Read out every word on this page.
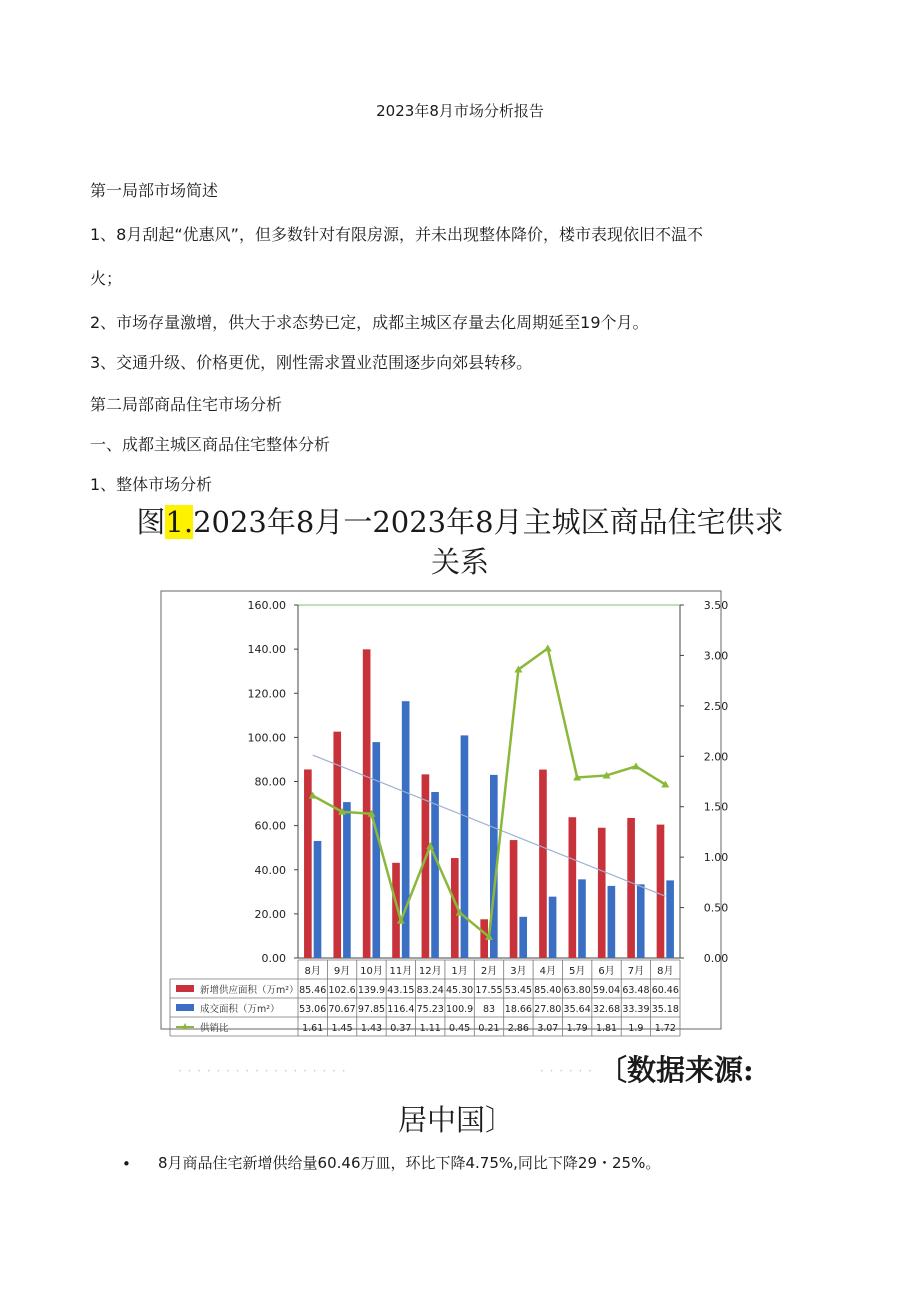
2023年8月市场分析报告
第一局部市场简述
1、8月刮起“优惠风”，但多数针对有限房源，并未出现整体降价，楼市表现依旧不温不
火；
2、市场存量激增，供大于求态势已定，成都主城区存量去化周期延至19个月。
3、交通升级、价格更优，刚性需求置业范围逐步向郊县转移。
第二局部商品住宅市场分析
一、成都主城区商品住宅整体分析
1、整体市场分析
图1.2023年8月一2023年8月主城区商品住宅供求
关系
0.00
20.00
40.00
60.00
80.00
100.00
120.00
140.00
160.00
0.00
0.50
1.00
1.50
2.00
2.50
3.00
3.50
8月 9月 10月 11月 12月 1月 2月 3月 4月 5月 6月 7月 8月
新增供应面积（万m²） 85.46 102.6 139.9 43.15 83.24 45.30 17.55 53.45 85.40 63.80 59.04 63.48 60.46
成交面积（万m²） 53.06 70.67 97.85 116.4 75.23 100.9 83 18.66 27.80 35.64 32.68 33.39 35.18
供销比	1.61 1.45 1.43 0.37 1.11 0.45 0.21 2.86 3.07 1.79 1.81 1.9 1.72
· · · · · · · · · · · · · · · · · ·	· · · · · · 〔数据来源:
居中国〕
• 8月商品住宅新增供给量60.46万皿，环比下降4.75%,同比下降29・25%。
